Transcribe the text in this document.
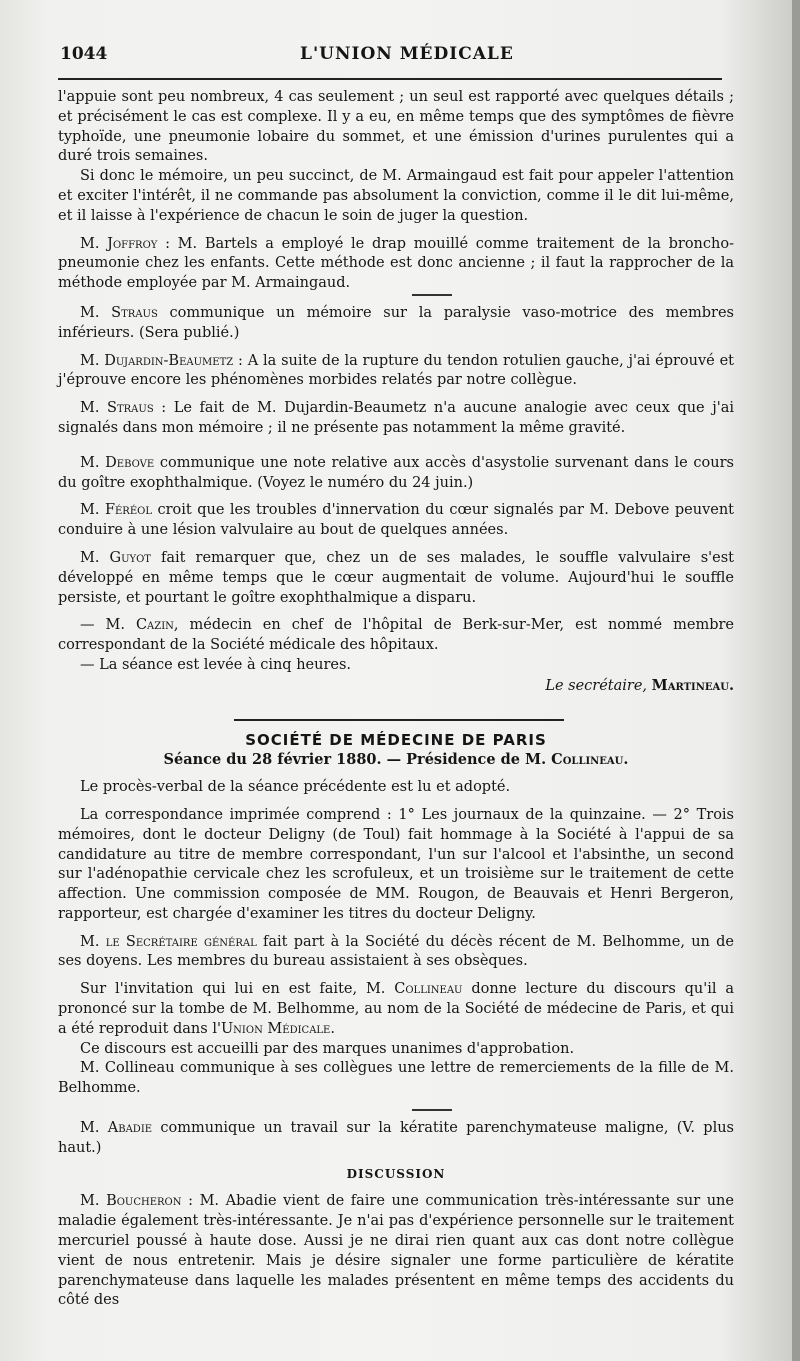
1044	L'UNION MÉDICALE

l'appuie sont peu nombreux, 4 cas seulement ; un seul est rapporté avec quelques détails ; et précisément le cas est complexe. Il y a eu, en même temps que des symptômes de fièvre typhoïde, une pneumonie lobaire du sommet, et une émission d'urines purulentes qui a duré trois semaines.

Si donc le mémoire, un peu succinct, de M. Armaingaud est fait pour appeler l'attention et exciter l'intérêt, il ne commande pas absolument la conviction, comme il le dit lui-même, et il laisse à l'expérience de chacun le soin de juger la question.

M. Joffroy : M. Bartels a employé le drap mouillé comme traitement de la broncho-pneumonie chez les enfants. Cette méthode est donc ancienne ; il faut la rapprocher de la méthode employée par M. Armaingaud.

M. Straus communique un mémoire sur la paralysie vaso-motrice des membres inférieurs. (Sera publié.)

M. Dujardin-Beaumetz : A la suite de la rupture du tendon rotulien gauche, j'ai éprouvé et j'éprouve encore les phénomènes morbides relatés par notre collègue.

M. Straus : Le fait de M. Dujardin-Beaumetz n'a aucune analogie avec ceux que j'ai signalés dans mon mémoire ; il ne présente pas notamment la même gravité.

M. Debove communique une note relative aux accès d'asystolie survenant dans le cours du goître exophthalmique. (Voyez le numéro du 24 juin.)

M. Féréol croit que les troubles d'innervation du cœur signalés par M. Debove peuvent conduire à une lésion valvulaire au bout de quelques années.

M. Guyot fait remarquer que, chez un de ses malades, le souffle valvulaire s'est développé en même temps que le cœur augmentait de volume. Aujourd'hui le souffle persiste, et pourtant le goître exophthalmique a disparu.

— M. Cazin, médecin en chef de l'hôpital de Berk-sur-Mer, est nommé membre correspondant de la Société médicale des hôpitaux.

— La séance est levée à cinq heures.

Le secrétaire, Martineau.

SOCIÉTÉ DE MÉDECINE DE PARIS

Séance du 28 février 1880. — Présidence de M. Collineau.

Le procès-verbal de la séance précédente est lu et adopté.

La correspondance imprimée comprend : 1° Les journaux de la quinzaine. — 2° Trois mémoires, dont le docteur Deligny (de Toul) fait hommage à la Société à l'appui de sa candidature au titre de membre correspondant, l'un sur l'alcool et l'absinthe, un second sur l'adénopathie cervicale chez les scrofuleux, et un troisième sur le traitement de cette affection. Une commission composée de MM. Rougon, de Beauvais et Henri Bergeron, rapporteur, est chargée d'examiner les titres du docteur Deligny.

M. le Secrétaire général fait part à la Société du décès récent de M. Belhomme, un de ses doyens. Les membres du bureau assistaient à ses obsèques.

Sur l'invitation qui lui en est faite, M. Collineau donne lecture du discours qu'il a prononcé sur la tombe de M. Belhomme, au nom de la Société de médecine de Paris, et qui a été reproduit dans l'Union Médicale.

Ce discours est accueilli par des marques unanimes d'approbation.

M. Collineau communique à ses collègues une lettre de remerciements de la fille de M. Belhomme.

M. Abadie communique un travail sur la kératite parenchymateuse maligne, (V. plus haut.)

DISCUSSION

M. Boucheron : M. Abadie vient de faire une communication très-intéressante sur une maladie également très-intéressante. Je n'ai pas d'expérience personnelle sur le traitement mercuriel poussé à haute dose. Aussi je ne dirai rien quant aux cas dont notre collègue vient de nous entretenir. Mais je désire signaler une forme particulière de kératite parenchymateuse dans laquelle les malades présentent en même temps des accidents du côté des
